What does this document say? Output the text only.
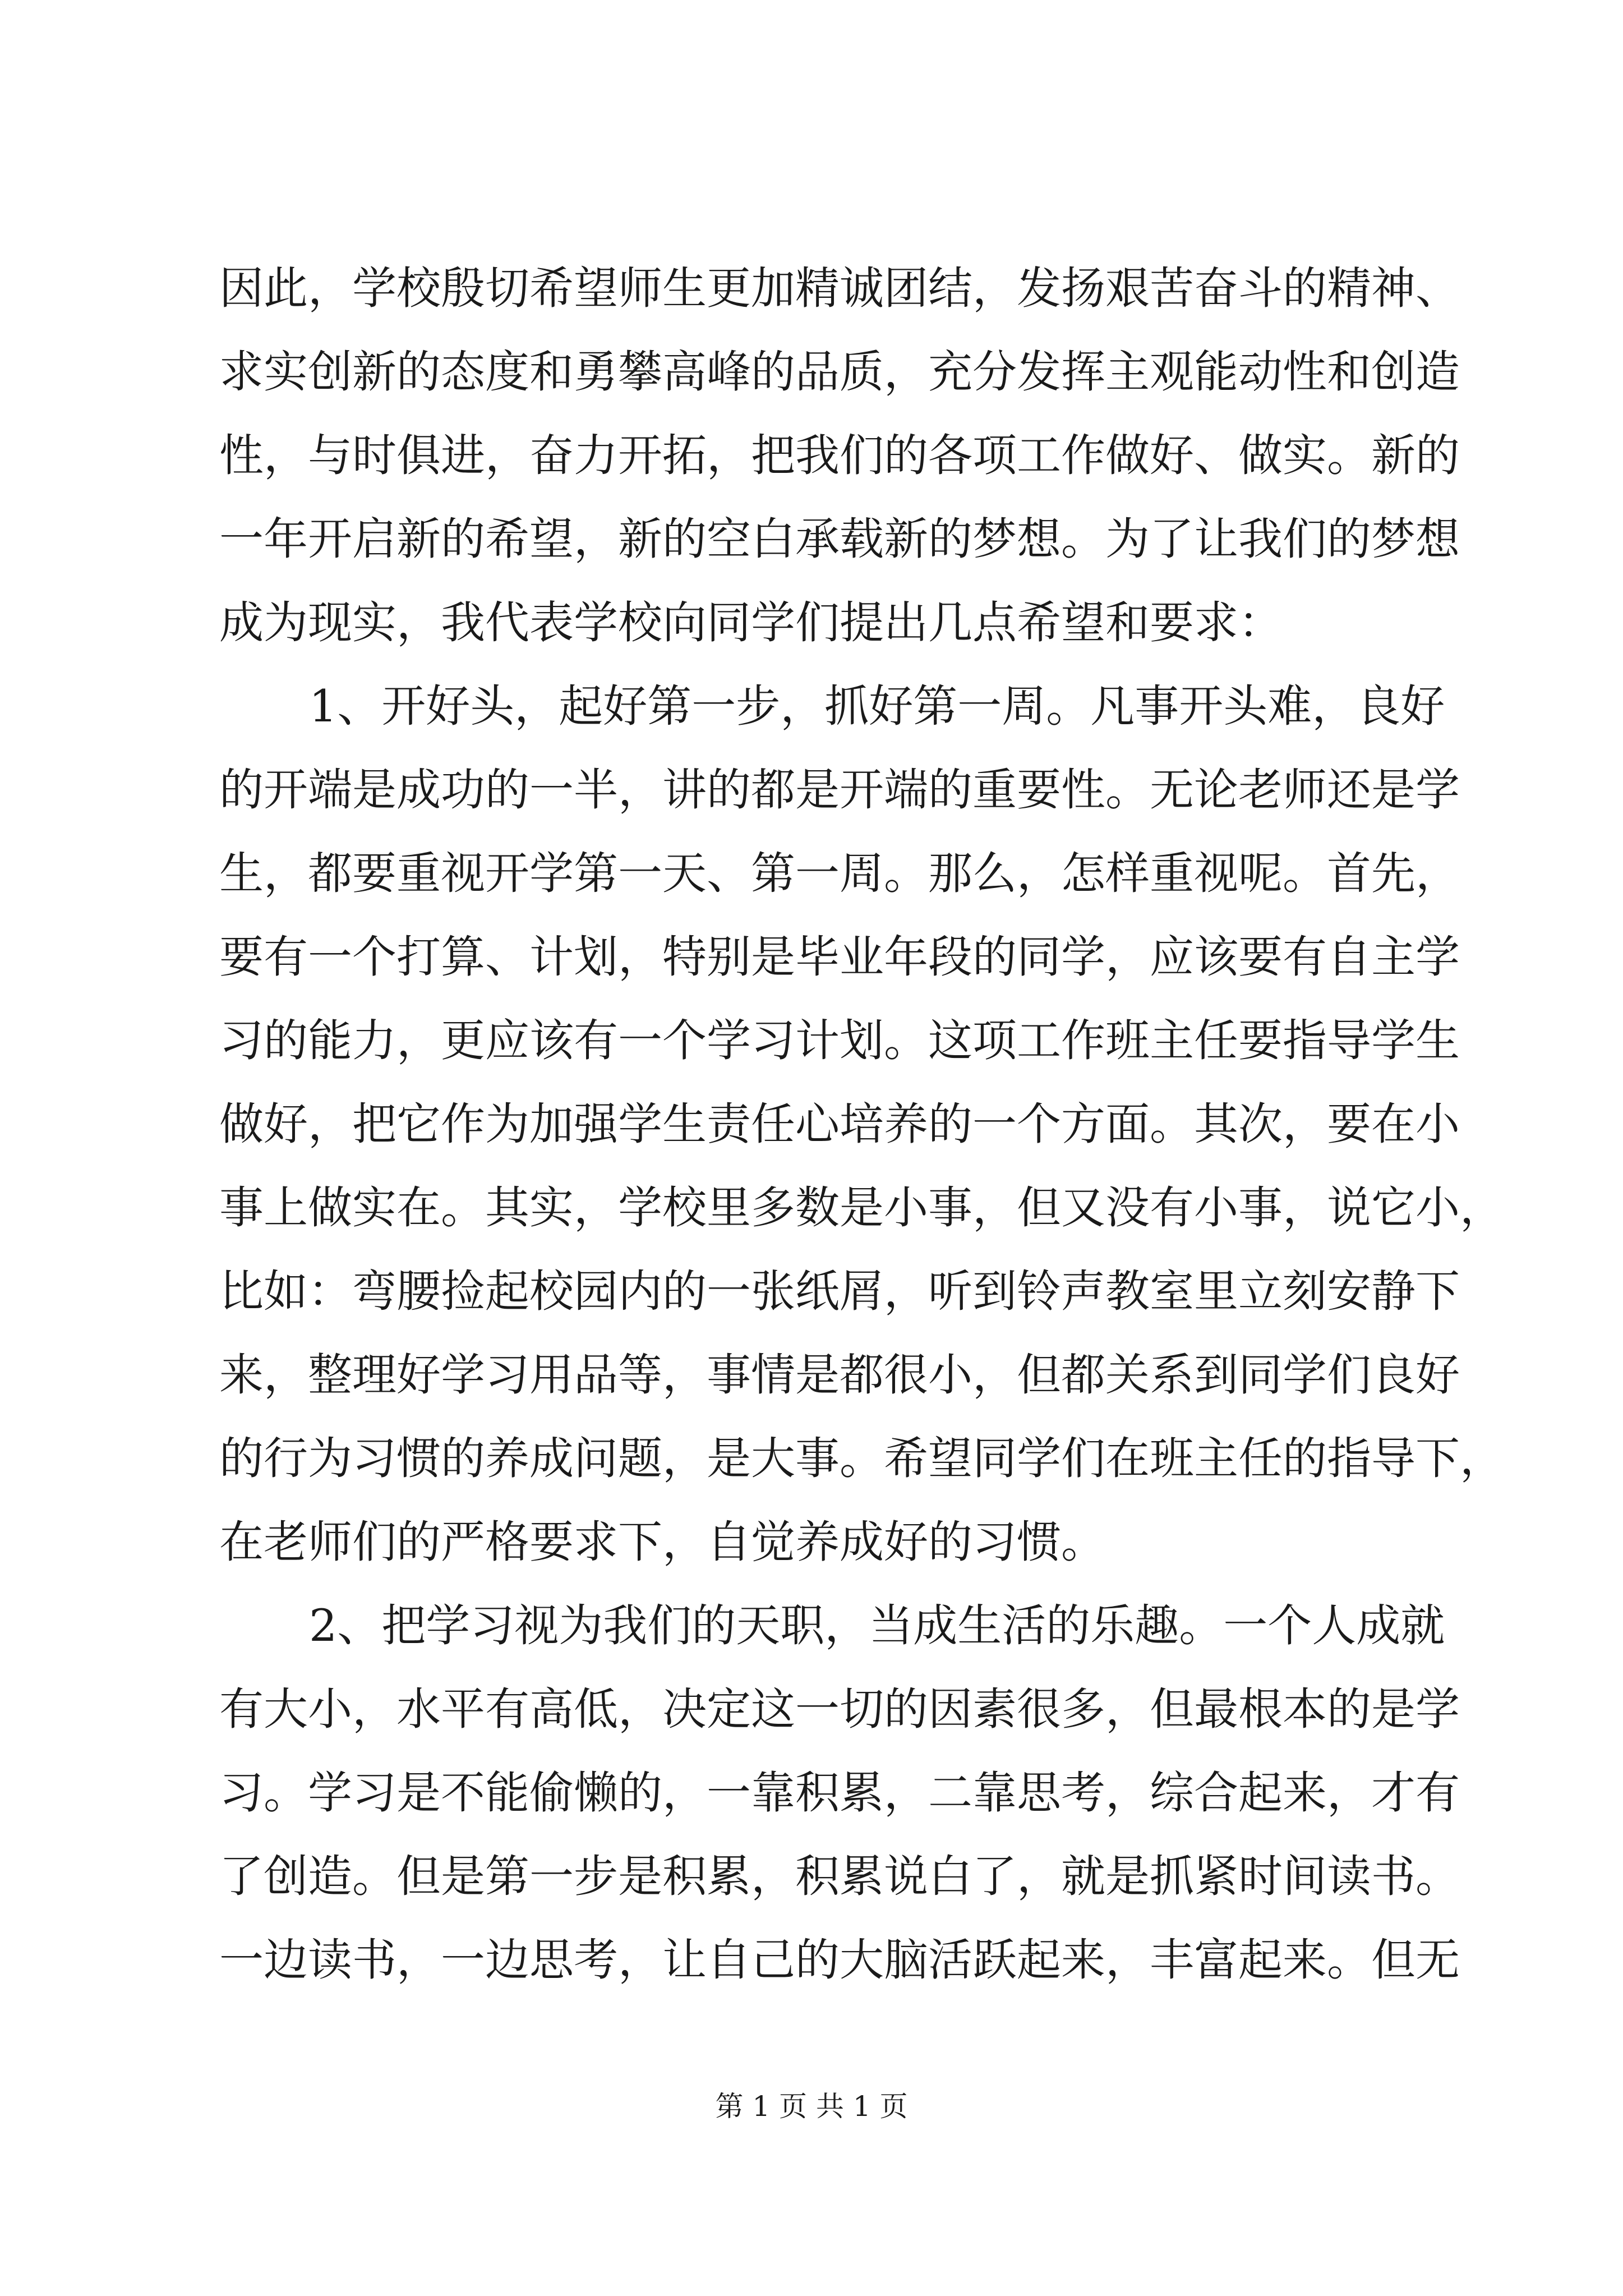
因此，学校殷切希望师生更加精诚团结，发扬艰苦奋斗的精神、
求实创新的态度和勇攀高峰的品质，充分发挥主观能动性和创造
性，与时俱进，奋力开拓，把我们的各项工作做好、做实。新的
一年开启新的希望，新的空白承载新的梦想。为了让我们的梦想
成为现实，我代表学校向同学们提出几点希望和要求：
1、开好头，起好第一步，抓好第一周。凡事开头难，良好
的开端是成功的一半，讲的都是开端的重要性。无论老师还是学
生，都要重视开学第一天、第一周。那么，怎样重视呢。首先，
要有一个打算、计划，特别是毕业年段的同学，应该要有自主学
习的能力，更应该有一个学习计划。这项工作班主任要指导学生
做好，把它作为加强学生责任心培养的一个方面。其次，要在小
事上做实在。其实，学校里多数是小事，但又没有小事，说它小，
比如：弯腰捡起校园内的一张纸屑，听到铃声教室里立刻安静下
来，整理好学习用品等，事情是都很小，但都关系到同学们良好
的行为习惯的养成问题，是大事。希望同学们在班主任的指导下，
在老师们的严格要求下，自觉养成好的习惯。
2、把学习视为我们的天职，当成生活的乐趣。一个人成就
有大小，水平有高低，决定这一切的因素很多，但最根本的是学
习。学习是不能偷懒的，一靠积累，二靠思考，综合起来，才有
了创造。但是第一步是积累，积累说白了，就是抓紧时间读书。
一边读书，一边思考，让自己的大脑活跃起来，丰富起来。但无
第 1 页 共 1 页
